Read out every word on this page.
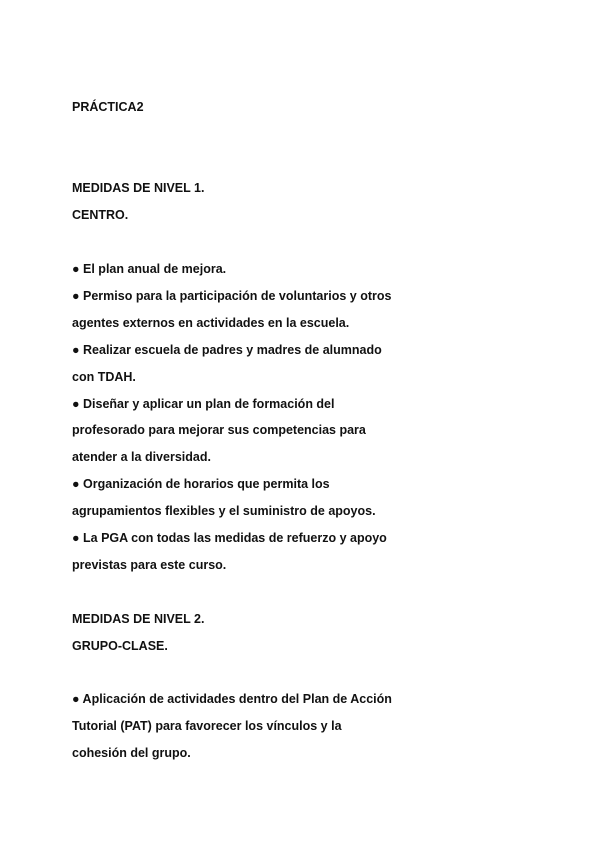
PRÁCTICA2
MEDIDAS DE NIVEL 1.
CENTRO.
● El plan anual de mejora.
● Permiso para la participación de voluntarios y otros
agentes externos en actividades en la escuela.
● Realizar escuela de padres y madres de alumnado
con TDAH.
● Diseñar y aplicar un plan de formación del
profesorado para mejorar sus competencias para
atender a la diversidad.
● Organización de horarios que permita los
agrupamientos flexibles y el suministro de apoyos.
● La PGA con todas las medidas de refuerzo y apoyo
previstas para este curso.
MEDIDAS DE NIVEL 2.
GRUPO-CLASE.
● Aplicación de actividades dentro del Plan de Acción
Tutorial (PAT) para favorecer los vínculos y la
cohesión del grupo.
